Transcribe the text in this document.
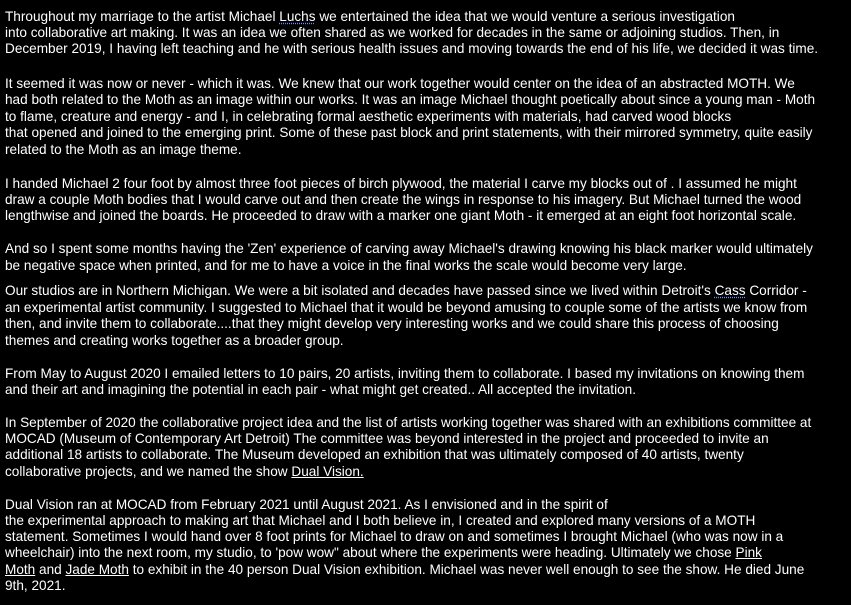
Throughout my marriage to the artist Michael Luchs we entertained the idea that we would venture a serious investigation
into collaborative art making. It was an idea we often shared as we worked for decades in the same or adjoining studios. Then, in
December 2019, I having left teaching and he with serious health issues and moving towards the end of his life, we decided it was time.
It seemed it was now or never - which it was. We knew that our work together would center on the idea of an abstracted MOTH. We
had both related to the Moth as an image within our works. It was an image Michael thought poetically about since a young man - Moth
to flame, creature and energy - and I, in celebrating formal aesthetic experiments with materials, had carved wood blocks
that opened and joined to the emerging print. Some of these past block and print statements, with their mirrored symmetry, quite easily
related to the Moth as an image theme.
I handed Michael 2 four foot by almost three foot pieces of birch plywood, the material I carve my blocks out of . I assumed he might
draw a couple Moth bodies that I would carve out and then create the wings in response to his imagery. But Michael turned the wood
lengthwise and joined the boards. He proceeded to draw with a marker one giant Moth - it emerged at an eight foot horizontal scale.
And so I spent some months having the 'Zen' experience of carving away Michael's drawing knowing his black marker would ultimately
be negative space when printed, and for me to have a voice in the final works the scale would become very large.
Our studios are in Northern Michigan. We were a bit isolated and decades have passed since we lived within Detroit's Cass Corridor -
an experimental artist community. I suggested to Michael that it would be beyond amusing to couple some of the artists we know from
then, and invite them to collaborate....that they might develop very interesting works and we could share this process of choosing
themes and creating works together as a broader group.
From May to August 2020 I emailed letters to 10 pairs, 20 artists, inviting them to collaborate. I based my invitations on knowing them
and their art and imagining the potential in each pair - what might get created.. All accepted the invitation.
In September of 2020 the collaborative project idea and the list of artists working together was shared with an exhibitions committee at
MOCAD (Museum of Contemporary Art Detroit) The committee was beyond interested in the project and proceeded to invite an
additional 18 artists to collaborate. The Museum developed an exhibition that was ultimately composed of 40 artists, twenty
collaborative projects, and we named the show Dual Vision.
Dual Vision ran at MOCAD from February 2021 until August 2021. As I envisioned and in the spirit of
the experimental approach to making art that Michael and I both believe in, I created and explored many versions of a MOTH
statement. Sometimes I would hand over 8 foot prints for Michael to draw on and sometimes I brought Michael (who was now in a
wheelchair) into the next room, my studio, to 'pow wow" about where the experiments were heading. Ultimately we chose Pink
Moth and Jade Moth to exhibit in the 40 person Dual Vision exhibition. Michael was never well enough to see the show. He died June
9th, 2021.
